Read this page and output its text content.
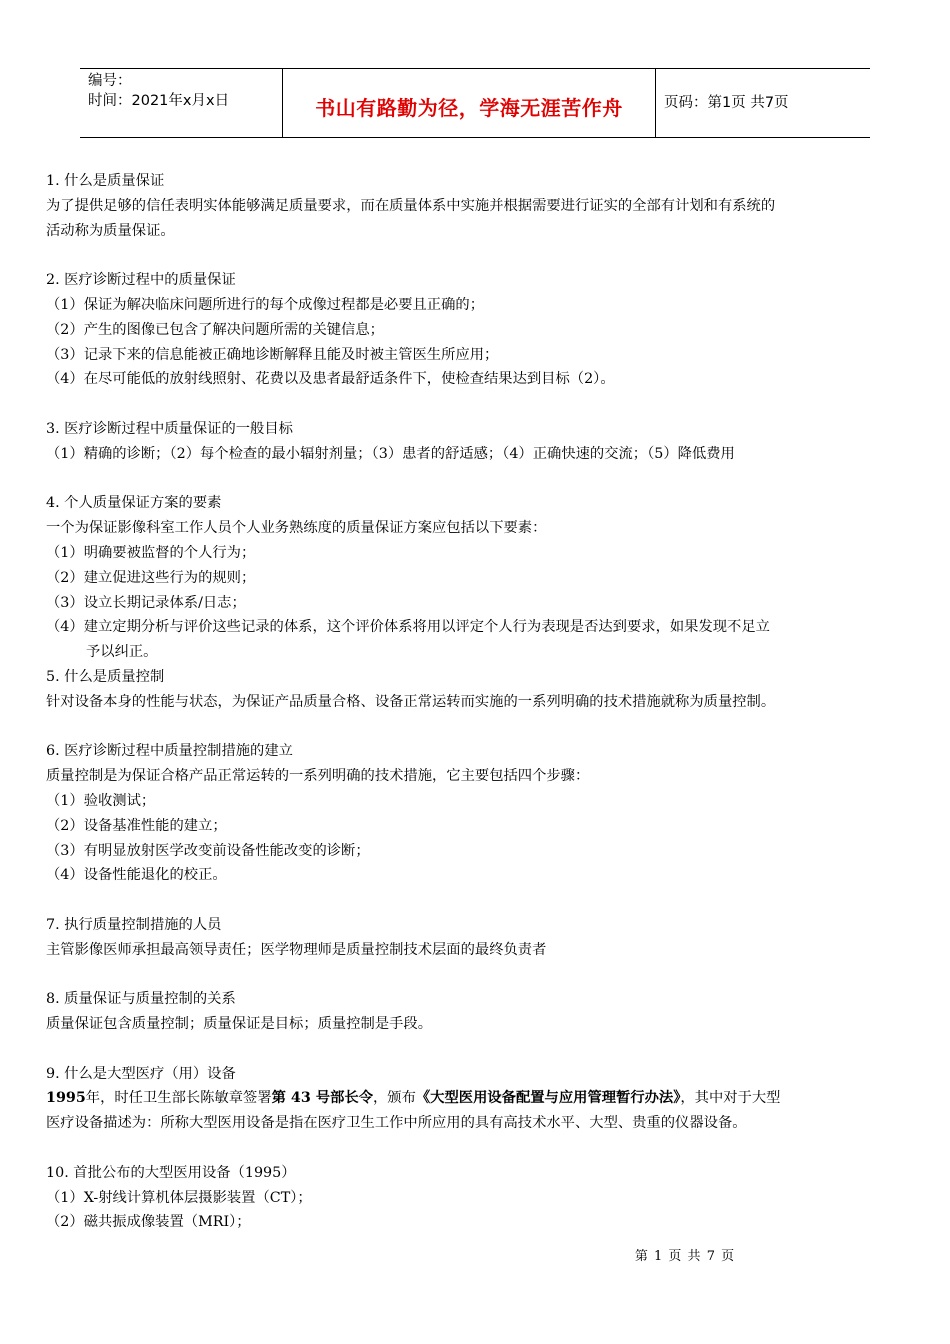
编号：
时间：2021年x月x日	书山有路勤为径，学海无涯苦作舟	页码：第1页 共7页
1. 什么是质量保证
为了提供足够的信任表明实体能够满足质量要求，而在质量体系中实施并根据需要进行证实的全部有计划和有系统的
活动称为质量保证。
2. 医疗诊断过程中的质量保证
（1）保证为解决临床问题所进行的每个成像过程都是必要且正确的；
（2）产生的图像已包含了解决问题所需的关键信息；
（3）记录下来的信息能被正确地诊断解释且能及时被主管医生所应用；
（4）在尽可能低的放射线照射、花费以及患者最舒适条件下，使检查结果达到目标（2）。
3. 医疗诊断过程中质量保证的一般目标
（1）精确的诊断；（2）每个检查的最小辐射剂量；（3）患者的舒适感；（4）正确快速的交流；（5）降低费用
4. 个人质量保证方案的要素
一个为保证影像科室工作人员个人业务熟练度的质量保证方案应包括以下要素：
（1）明确要被监督的个人行为；
（2）建立促进这些行为的规则；
（3）设立长期记录体系/日志；
（4） 建立定期分析与评价这些记录的体系，这个评价体系将用以评定个人行为表现是否达到要求，如果发现不足立
予以纠正。
5. 什么是质量控制
针对设备本身的性能与状态，为保证产品质量合格、设备正常运转而实施的一系列明确的技术措施就称为质量控制。
6. 医疗诊断过程中质量控制措施的建立
质量控制是为保证合格产品正常运转的一系列明确的技术措施，它主要包括四个步骤：
（1）验收测试；
（2）设备基准性能的建立；
（3）有明显放射医学改变前设备性能改变的诊断；
（4）设备性能退化的校正。
7. 执行质量控制措施的人员
主管影像医师承担最高领导责任；医学物理师是质量控制技术层面的最终负责者
8. 质量保证与质量控制的关系
质量保证包含质量控制；质量保证是目标；质量控制是手段。
9. 什么是大型医疗（用）设备
1995年，时任卫生部长陈敏章签署第 43 号部长令，颁布《大型医用设备配置与应用管理暂行办法》，其中对于大型
医疗设备描述为：所称大型医用设备是指在医疗卫生工作中所应用的具有高技术水平、大型、贵重的仪器设备。
10. 首批公布的大型医用设备（1995）
（1）X-射线计算机体层摄影装置（CT）；
（2）磁共振成像装置（MRI）；
第 1 页 共 7 页
